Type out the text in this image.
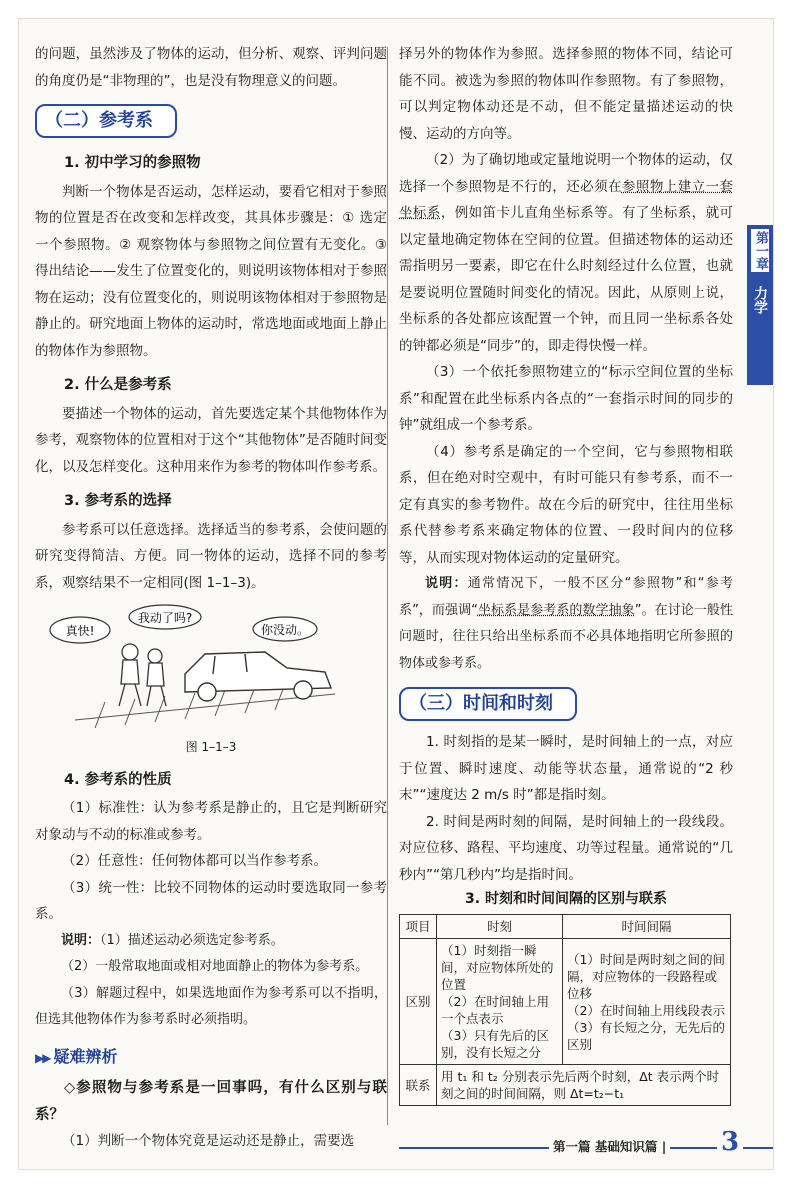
的问题，虽然涉及了物体的运动，但分析、观察、评判问题的角度仍是“非物理的”，也是没有物理意义的问题。

（二）参考系
1. 初中学习的参照物

判断一个物体是否运动，怎样运动，要看它相对于参照物的位置是否在改变和怎样改变，其具体步骤是：① 选定一个参照物。② 观察物体与参照物之间位置有无变化。③ 得出结论——发生了位置变化的，则说明该物体相对于参照物在运动；没有位置变化的，则说明该物体相对于参照物是静止的。研究地面上物体的运动时，常选地面或地面上静止的物体作为参照物。

2. 什么是参考系

要描述一个物体的运动，首先要选定某个其他物体作为参考，观察物体的位置相对于这个“其他物体”是否随时间变化，以及怎样变化。这种用来作为参考的物体叫作参考系。

3. 参考系的选择

参考系可以任意选择。选择适当的参考系，会使问题的研究变得简洁、方便。同一物体的运动，选择不同的参考系，观察结果不一定相同(图 1–1–3)。

真快!
我动了吗?
你没动。
图 1–1–3
4. 参考系的性质

（1）标准性：认为参考系是静止的，且它是判断研究对象动与不动的标准或参考。

（2）任意性：任何物体都可以当作参考系。

（3）统一性：比较不同物体的运动时要选取同一参考系。

说明：（1）描述运动必须选定参考系。

（2）一般常取地面或相对地面静止的物体为参考系。

（3）解题过程中，如果选地面作为参考系可以不指明，但选其他物体作为参考系时必须指明。

▶▶ 疑难辨析

◇参照物与参考系是一回事吗，有什么区别与联系？

（1）判断一个物体究竟是运动还是静止，需要选

择另外的物体作为参照。选择参照的物体不同，结论可能不同。被选为参照的物体叫作参照物。有了参照物，可以判定物体动还是不动，但不能定量描述运动的快慢、运动的方向等。

（2）为了确切地或定量地说明一个物体的运动，仅选择一个参照物是不行的，还必须在参照物上建立一套坐标系，例如笛卡儿直角坐标系等。有了坐标系，就可以定量地确定物体在空间的位置。但描述物体的运动还需指明另一要素，即它在什么时刻经过什么位置，也就是要说明位置随时间变化的情况。因此，从原则上说，坐标系的各处都应该配置一个钟，而且同一坐标系各处的钟都必须是“同步”的，即走得快慢一样。

（3）一个依托参照物建立的“标示空间位置的坐标系”和配置在此坐标系内各点的“一套指示时间的同步的钟”就组成一个参考系。

（4）参考系是确定的一个空间，它与参照物相联系，但在绝对时空观中，有时可能只有参考系，而不一定有真实的参考物件。故在今后的研究中，往往用坐标系代替参考系来确定物体的位置、一段时间内的位移等，从而实现对物体运动的定量研究。

说明：通常情况下，一般不区分“参照物”和“参考系”，而强调“坐标系是参考系的数学抽象”。在讨论一般性问题时，往往只给出坐标系而不必具体地指明它所参照的物体或参考系。

（三）时间和时刻

1. 时刻指的是某一瞬时，是时间轴上的一点，对应于位置、瞬时速度、动能等状态量，通常说的“2 秒末”“速度达 2 m/s 时”都是指时刻。

2. 时间是两时刻的间隔，是时间轴上的一段线段。对应位移、路程、平均速度、功等过程量。通常说的“几秒内”“第几秒内”均是指时间。

3. 时刻和时间间隔的区别与联系
项目	时刻	时间间隔
区别	（1）时刻指一瞬间，对应物体所处的位置
（2）在时间轴上用一个点表示
（3）只有先后的区别，没有长短之分	（1）时间是两时刻之间的间隔，对应物体的一段路程或位移
（2）在时间轴上用线段表示
（3）有长短之分，无先后的区别
联系	用 t₁ 和 t₂ 分别表示先后两个时刻，Δt 表示两个时刻之间的时间间隔，则 Δt=t₂−t₁	
第一章
力学
第一篇 基础知识篇 | 3
